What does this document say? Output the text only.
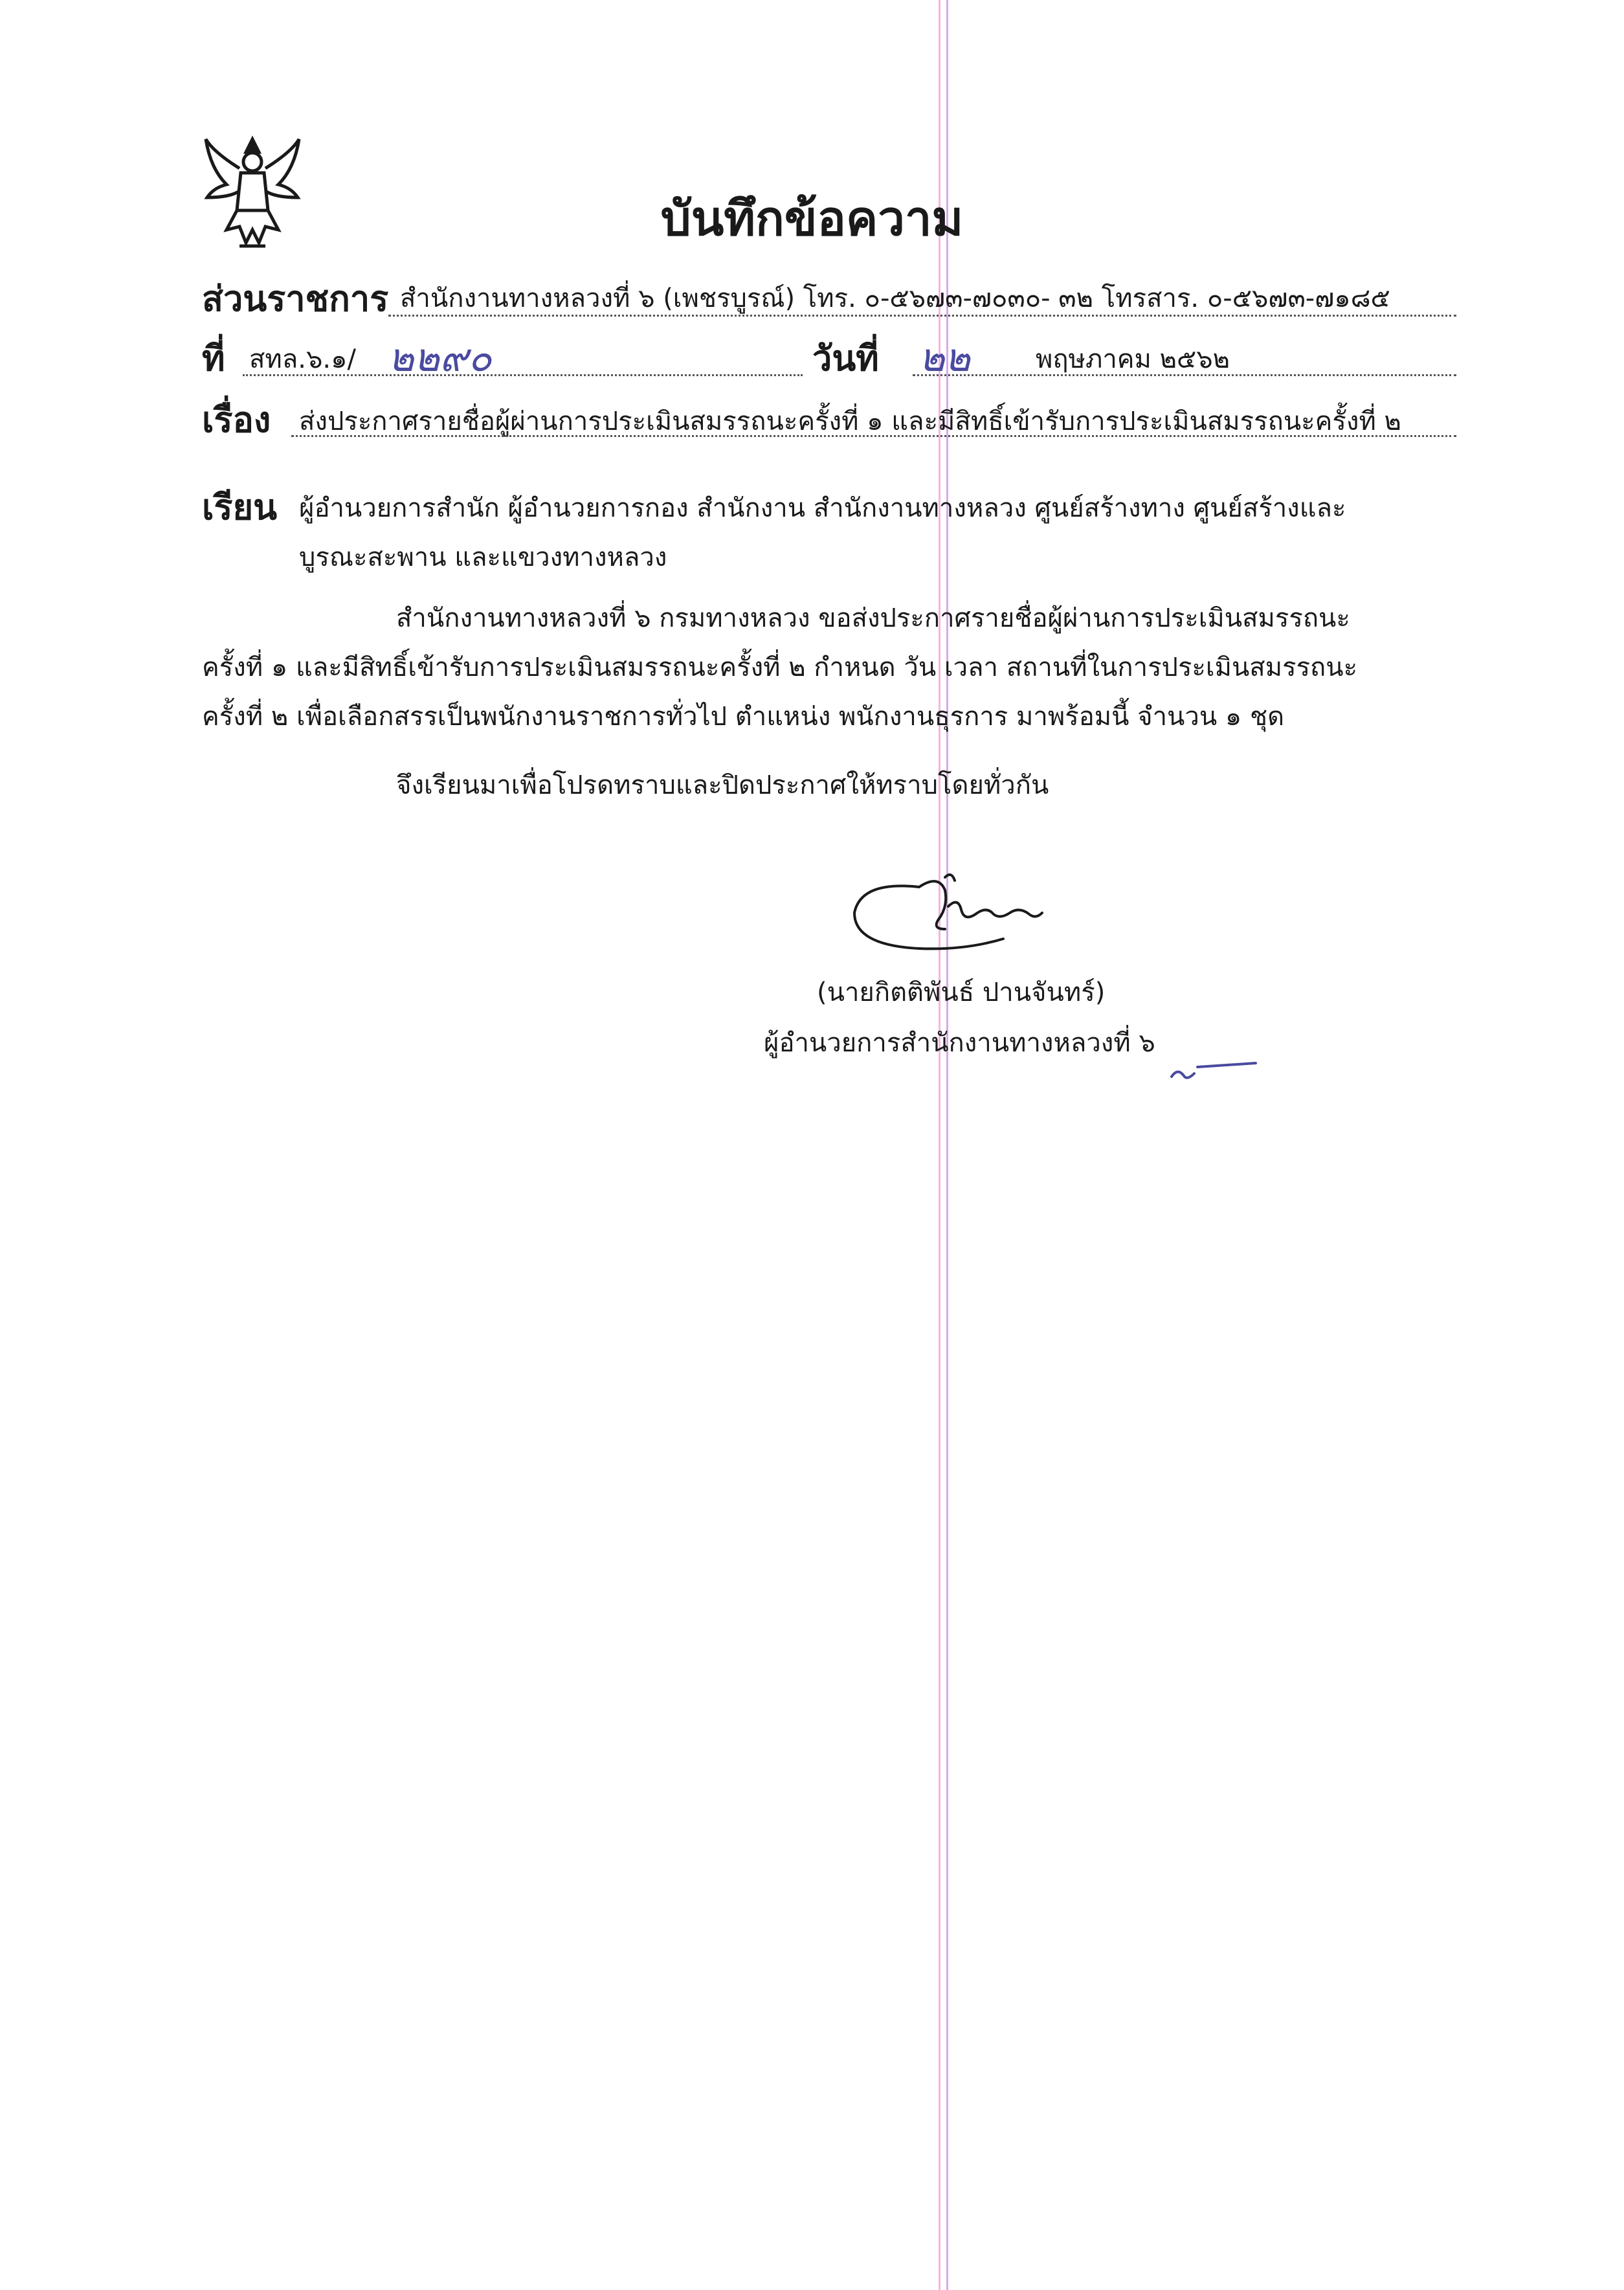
บันทึกข้อความ
ส่วนราชการ สำนักงานทางหลวงที่ ๖ (เพชรบูรณ์) โทร. ๐-๕๖๗๓-๗๐๓๐- ๓๒ โทรสาร. ๐-๕๖๗๓-๗๑๘๕
ที่ สทล.๖.๑/ ๒๒๙๐	วันที่ ๒๒	พฤษภาคม ๒๕๖๒
เรื่อง ส่งประกาศรายชื่อผู้ผ่านการประเมินสมรรถนะครั้งที่ ๑ และมีสิทธิ์เข้ารับการประเมินสมรรถนะครั้งที่ ๒
เรียน ผู้อำนวยการสำนัก ผู้อำนวยการกอง สำนักงาน สำนักงานทางหลวง ศูนย์สร้างทาง ศูนย์สร้างและ
บูรณะสะพาน และแขวงทางหลวง
สำนักงานทางหลวงที่ ๖ กรมทางหลวง ขอส่งประกาศรายชื่อผู้ผ่านการประเมินสมรรถนะ
ครั้งที่ ๑ และมีสิทธิ์เข้ารับการประเมินสมรรถนะครั้งที่ ๒ กำหนด วัน เวลา สถานที่ในการประเมินสมรรถนะ
ครั้งที่ ๒ เพื่อเลือกสรรเป็นพนักงานราชการทั่วไป ตำแหน่ง พนักงานธุรการ มาพร้อมนี้ จำนวน ๑ ชุด
จึงเรียนมาเพื่อโปรดทราบและปิดประกาศให้ทราบโดยทั่วกัน
(นายกิตติพันธ์ ปานจันทร์)
ผู้อำนวยการสำนักงานทางหลวงที่ ๖
